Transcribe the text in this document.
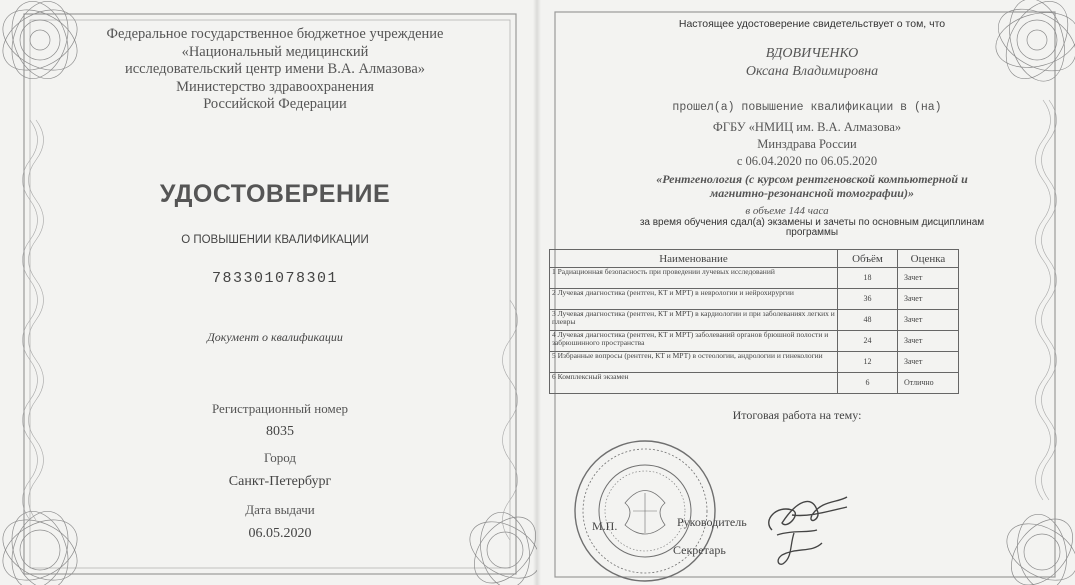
Федеральное государственное бюджетное учреждение
«Национальный медицинский
исследовательский центр имени В.А. Алмазова»
Министерство здравоохранения
Российской Федерации
УДОСТОВЕРЕНИЕ
О ПОВЫШЕНИИ КВАЛИФИКАЦИИ
783301078301
Документ о квалификации
Регистрационный номер
8035
Город
Санкт-Петербург
Дата выдачи
06.05.2020
Настоящее удостоверение свидетельствует о том, что
ВДОВИЧЕНКО
Оксана Владимировна
прошел(а) повышение квалификации в (на)
ФГБУ «НМИЦ им. В.А. Алмазова»
Минздрава России
с 06.04.2020 по 06.05.2020
«Рентгенология (с курсом рентгеновской компьютерной и
магнитно-резонансной томографии)»
в объеме 144 часа
за время обучения сдал(а) экзамены и зачеты по основным дисциплинам
программы
Наименование	Объём	Оценка
1 Радиационная безопасность при проведении лучевых исследований	18	Зачет
2 Лучевая диагностика (рентген, КТ и МРТ) в неврологии и нейрохирургии	36	Зачет
3 Лучевая диагностика (рентген, КТ и МРТ) в кардиологии и при заболеваниях легких и плевры	48	Зачет
4 Лучевая диагностика (рентген, КТ и МРТ) заболеваний органов брюшной полости и забрюшинного пространства	24	Зачет
5 Избранные вопросы (рентген, КТ и МРТ) в остеологии, андрологии и гинекологии	12	Зачет
6 Комплексный экзамен	6	Отлично
Итоговая работа на тему:
М.П.	Руководитель
Секретарь
